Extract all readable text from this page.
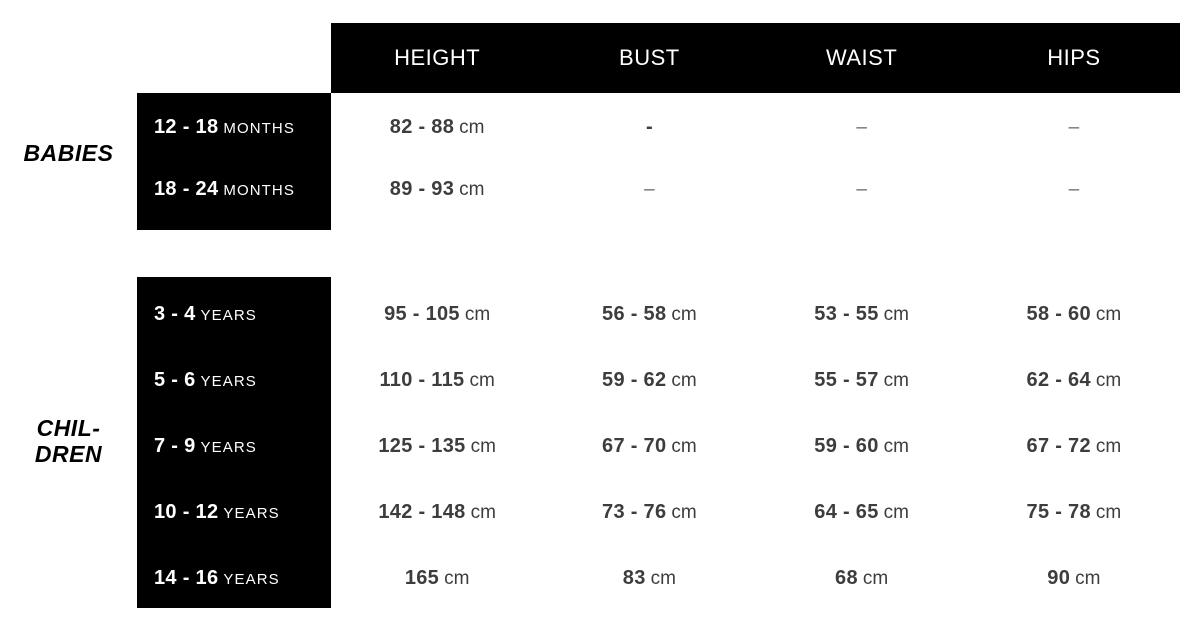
HEIGHT	BUST	WAIST	HIPS
BABIES
12 - 18 MONTHS	82 - 88 cm	-	–	–
18 - 24 MONTHS	89 - 93 cm	–	–	–
CHIL-
DREN
3 - 4 YEARS	95 - 105 cm	56 - 58 cm	53 - 55 cm	58 - 60 cm
5 - 6 YEARS	110 - 115 cm	59 - 62 cm	55 - 57 cm	62 - 64 cm
7 - 9 YEARS	125 - 135 cm	67 - 70 cm	59 - 60 cm	67 - 72 cm
10 - 12 YEARS	142 - 148 cm	73 - 76 cm	64 - 65 cm	75 - 78 cm
14 - 16 YEARS	165 cm	83 cm	68 cm	90 cm
